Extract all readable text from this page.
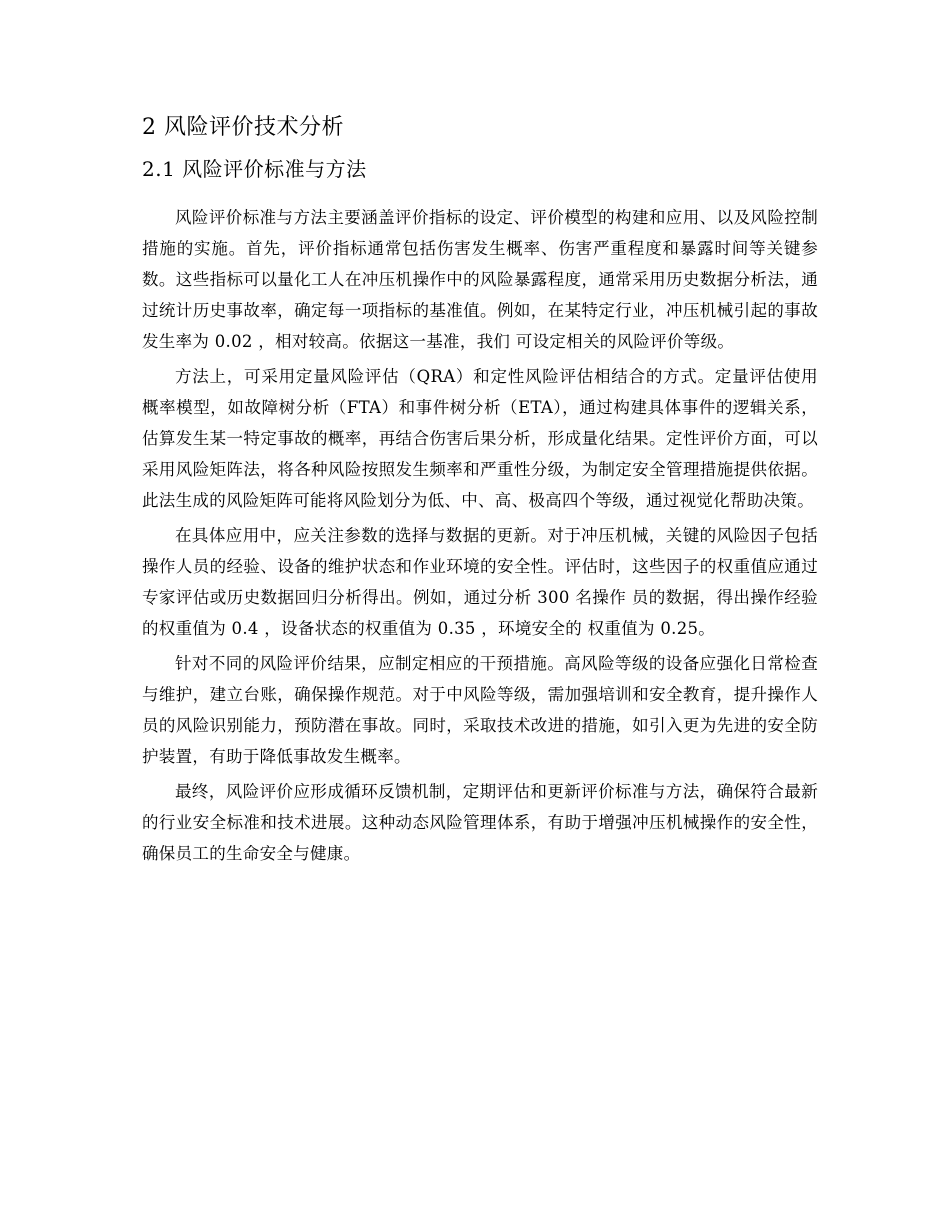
2 风险评价技术分析
2.1 风险评价标准与方法

风险评价标准与方法主要涵盖评价指标的设定、评价模型的构建和应用、以及风险控制措施的实施。首先，评价指标通常包括伤害发生概率、伤害严重程度和暴露时间等关键参数。这些指标可以量化工人在冲压机操作中的风险暴露程度，通常采用历史数据分析法，通过统计历史事故率，确定每一项指标的基准值。例如，在某特定行业，冲压机械引起的事故发生率为 0.02 ，相对较高。依据这一基准，我们 可设定相关的风险评价等级。

方法上，可采用定量风险评估（QRA）和定性风险评估相结合的方式。定量评估使用概率模型，如故障树分析（FTA）和事件树分析（ETA），通过构建具体事件的逻辑关系，估算发生某一特定事故的概率，再结合伤害后果分析，形成量化结果。定性评价方面，可以采用风险矩阵法，将各种风险按照发生频率和严重性分级，为制定安全管理措施提供依据。此法生成的风险矩阵可能将风险划分为低、中、高、极高四个等级，通过视觉化帮助决策。

在具体应用中，应关注参数的选择与数据的更新。对于冲压机械，关键的风险因子包括操作人员的经验、设备的维护状态和作业环境的安全性。评估时，这些因子的权重值应通过专家评估或历史数据回归分析得出。例如，通过分析 300 名操作 员的数据，得出操作经验的权重值为 0.4 ，设备状态的权重值为 0.35 ，环境安全的 权重值为 0.25。

针对不同的风险评价结果，应制定相应的干预措施。高风险等级的设备应强化日常检查与维护，建立台账，确保操作规范。对于中风险等级，需加强培训和安全教育，提升操作人员的风险识别能力，预防潜在事故。同时，采取技术改进的措施，如引入更为先进的安全防护装置，有助于降低事故发生概率。

最终，风险评价应形成循环反馈机制，定期评估和更新评价标准与方法，确保符合最新的行业安全标准和技术进展。这种动态风险管理体系，有助于增强冲压机械操作的安全性，确保员工的生命安全与健康。
